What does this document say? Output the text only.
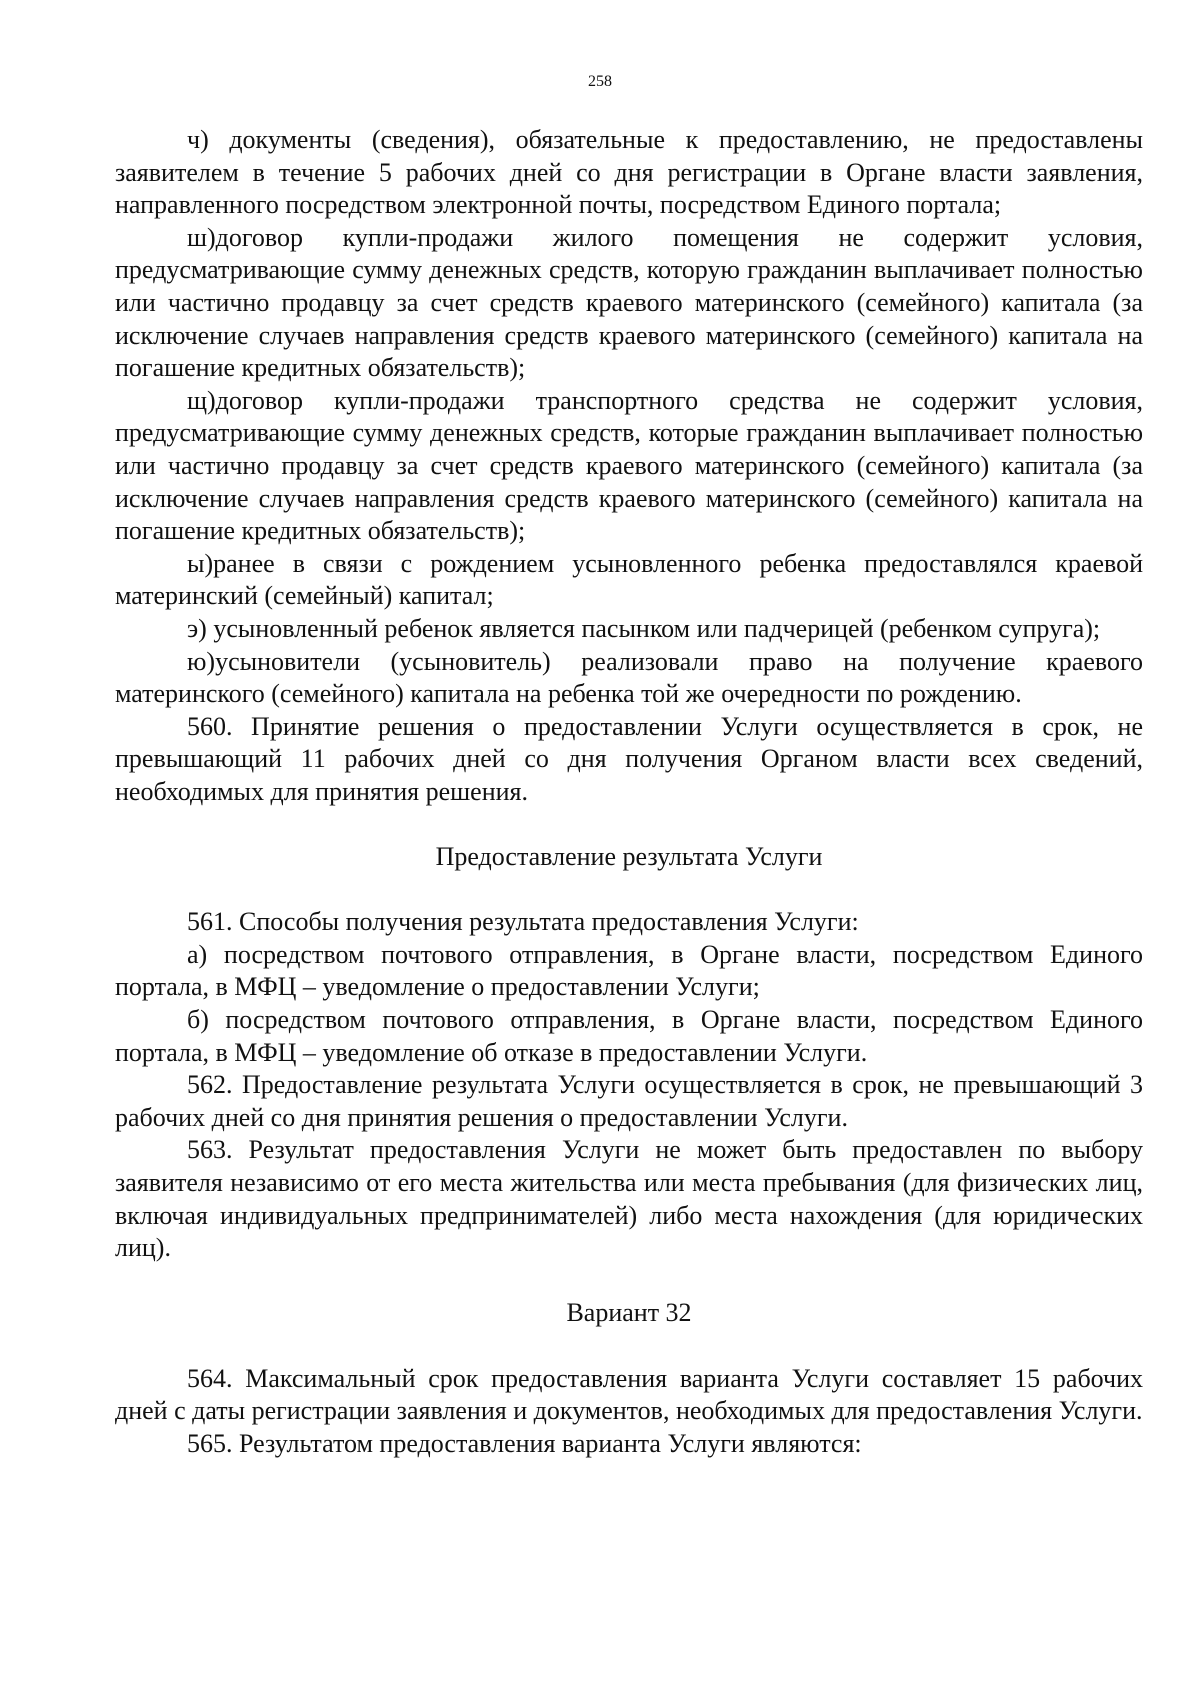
258

ч) документы (сведения), обязательные к предоставлению, не предоставлены заявителем в течение 5 рабочих дней со дня регистрации в Органе власти заявления, направленного посредством электронной почты, посредством Единого портала;

ш)договор купли-продажи жилого помещения не содержит условия, предусматривающие сумму денежных средств, которую гражданин выплачивает полностью или частично продавцу за счет средств краевого материнского (семейного) капитала (за исключение случаев направления средств краевого материнского (семейного) капитала на погашение кредитных обязательств);

щ)договор купли-продажи транспортного средства не содержит условия, предусматривающие сумму денежных средств, которые гражданин выплачивает полностью или частично продавцу за счет средств краевого материнского (семейного) капитала (за исключение случаев направления средств краевого материнского (семейного) капитала на погашение кредитных обязательств);

ы)ранее в связи с рождением усыновленного ребенка предоставлялся краевой материнский (семейный) капитал;

э) усыновленный ребенок является пасынком или падчерицей (ребенком супруга);

ю)усыновители (усыновитель) реализовали право на получение краевого материнского (семейного) капитала на ребенка той же очередности по рождению.

560. Принятие решения о предоставлении Услуги осуществляется в срок, не превышающий 11 рабочих дней со дня получения Органом власти всех сведений, необходимых для принятия решения.

Предоставление результата Услуги

561. Способы получения результата предоставления Услуги:

а) посредством почтового отправления, в Органе власти, посредством Единого портала, в МФЦ – уведомление о предоставлении Услуги;

б) посредством почтового отправления, в Органе власти, посредством Единого портала, в МФЦ – уведомление об отказе в предоставлении Услуги.

562. Предоставление результата Услуги осуществляется в срок, не превышающий 3 рабочих дней со дня принятия решения о предоставлении Услуги.

563. Результат предоставления Услуги не может быть предоставлен по выбору заявителя независимо от его места жительства или места пребывания (для физических лиц, включая индивидуальных предпринимателей) либо места нахождения (для юридических лиц).

Вариант 32

564. Максимальный срок предоставления варианта Услуги составляет 15 рабочих дней с даты регистрации заявления и документов, необходимых для предоставления Услуги.

565. Результатом предоставления варианта Услуги являются:
